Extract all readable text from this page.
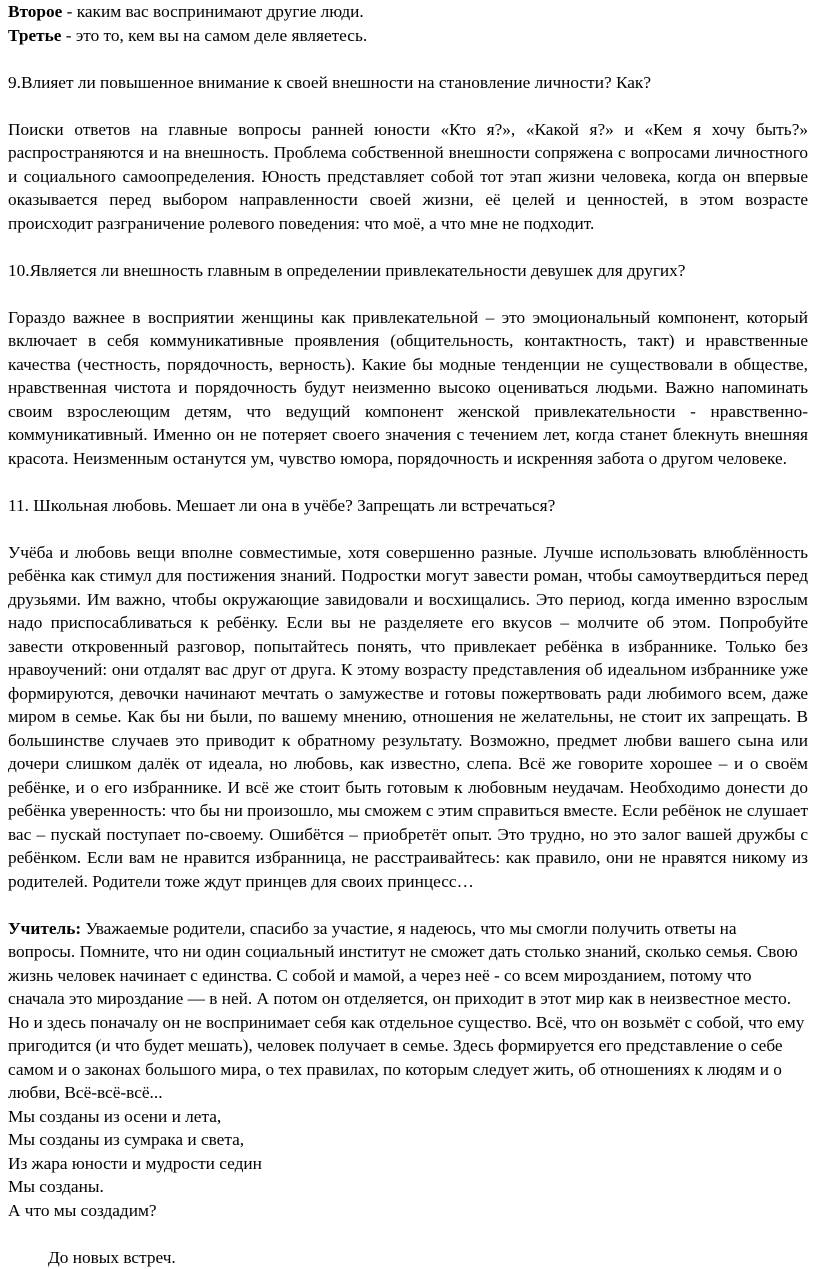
Второе - каким вас воспринимают другие люди.

Третье - это то, кем вы на самом деле являетесь.

9.Влияет ли повышенное внимание к своей внешности на становление личности? Как?

Поиски ответов на главные вопросы ранней юности «Кто я?», «Какой я?» и «Кем я хочу быть?» распространяются и на внешность. Проблема собственной внешности сопряжена с вопросами личностного и социального самоопределения. Юность представляет собой тот этап жизни человека, когда он впервые оказывается перед выбором направленности своей жизни, её целей и ценностей, в этом возрасте происходит разграничение ролевого поведения: что моё, а что мне не подходит.

10.Является ли внешность главным в определении привлекательности девушек для других?

Гораздо важнее в восприятии женщины как привлекательной – это эмоциональный компонент, который включает в себя коммуникативные проявления (общительность, контактность, такт) и нравственные качества (честность, порядочность, верность). Какие бы модные тенденции не существовали в обществе, нравственная чистота и порядочность будут неизменно высоко оцениваться людьми. Важно напоминать своим взрослеющим детям, что ведущий компонент женской привлекательности - нравственно-коммуникативный. Именно он не потеряет своего значения с течением лет, когда станет блекнуть внешняя красота. Неизменным останутся ум, чувство юмора, порядочность и искренняя забота о другом человеке.

11. Школьная любовь. Мешает ли она в учёбе? Запрещать ли встречаться?

Учёба и любовь вещи вполне совместимые, хотя совершенно разные. Лучше использовать влюблённость ребёнка как стимул для постижения знаний. Подростки могут завести роман, чтобы самоутвердиться перед друзьями. Им важно, чтобы окружающие завидовали и восхищались. Это период, когда именно взрослым надо приспосабливаться к ребёнку. Если вы не разделяете его вкусов – молчите об этом. Попробуйте завести откровенный разговор, попытайтесь понять, что привлекает ребёнка в избраннике. Только без нравоучений: они отдалят вас друг от друга. К этому возрасту представления об идеальном избраннике уже формируются, девочки начинают мечтать о замужестве и готовы пожертвовать ради любимого всем, даже миром в семье. Как бы ни были, по вашему мнению, отношения не желательны, не стоит их запрещать. В большинстве случаев это приводит к обратному результату. Возможно, предмет любви вашего сына или дочери слишком далёк от идеала, но любовь, как известно, слепа. Всё же говорите хорошее – и о своём ребёнке, и о его избраннике. И всё же стоит быть готовым к любовным неудачам. Необходимо донести до ребёнка уверенность: что бы ни произошло, мы сможем с этим справиться вместе. Если ребёнок не слушает вас – пускай поступает по-своему. Ошибётся – приобретёт опыт. Это трудно, но это залог вашей дружбы с ребёнком. Если вам не нравится избранница, не расстраивайтесь: как правило, они не нравятся никому из родителей. Родители тоже ждут принцев для своих принцесс…

Учитель: Уважаемые родители, спасибо за участие, я надеюсь, что мы смогли получить ответы на вопросы. Помните, что ни один социальный институт не сможет дать столько знаний, сколько семья. Свою жизнь человек начинает с единства. С собой и мамой, а через неё - со всем мирозданием, потому что сначала это мироздание — в ней. А потом он отделяется, он приходит в этот мир как в неизвестное место. Но и здесь поначалу он не воспринимает себя как отдельное существо. Всё, что он возьмёт с собой, что ему пригодится (и что будет мешать), человек получает в семье. Здесь формируется его представление о себе самом и о законах большого мира, о тех правилах, по которым следует жить, об отношениях к людям и о любви, Всё-всё-всё...

Мы созданы из осени и лета,

Мы созданы из сумрака и света,

Из жара юности и мудрости седин

Мы созданы.

А что мы создадим?

До новых встреч.
